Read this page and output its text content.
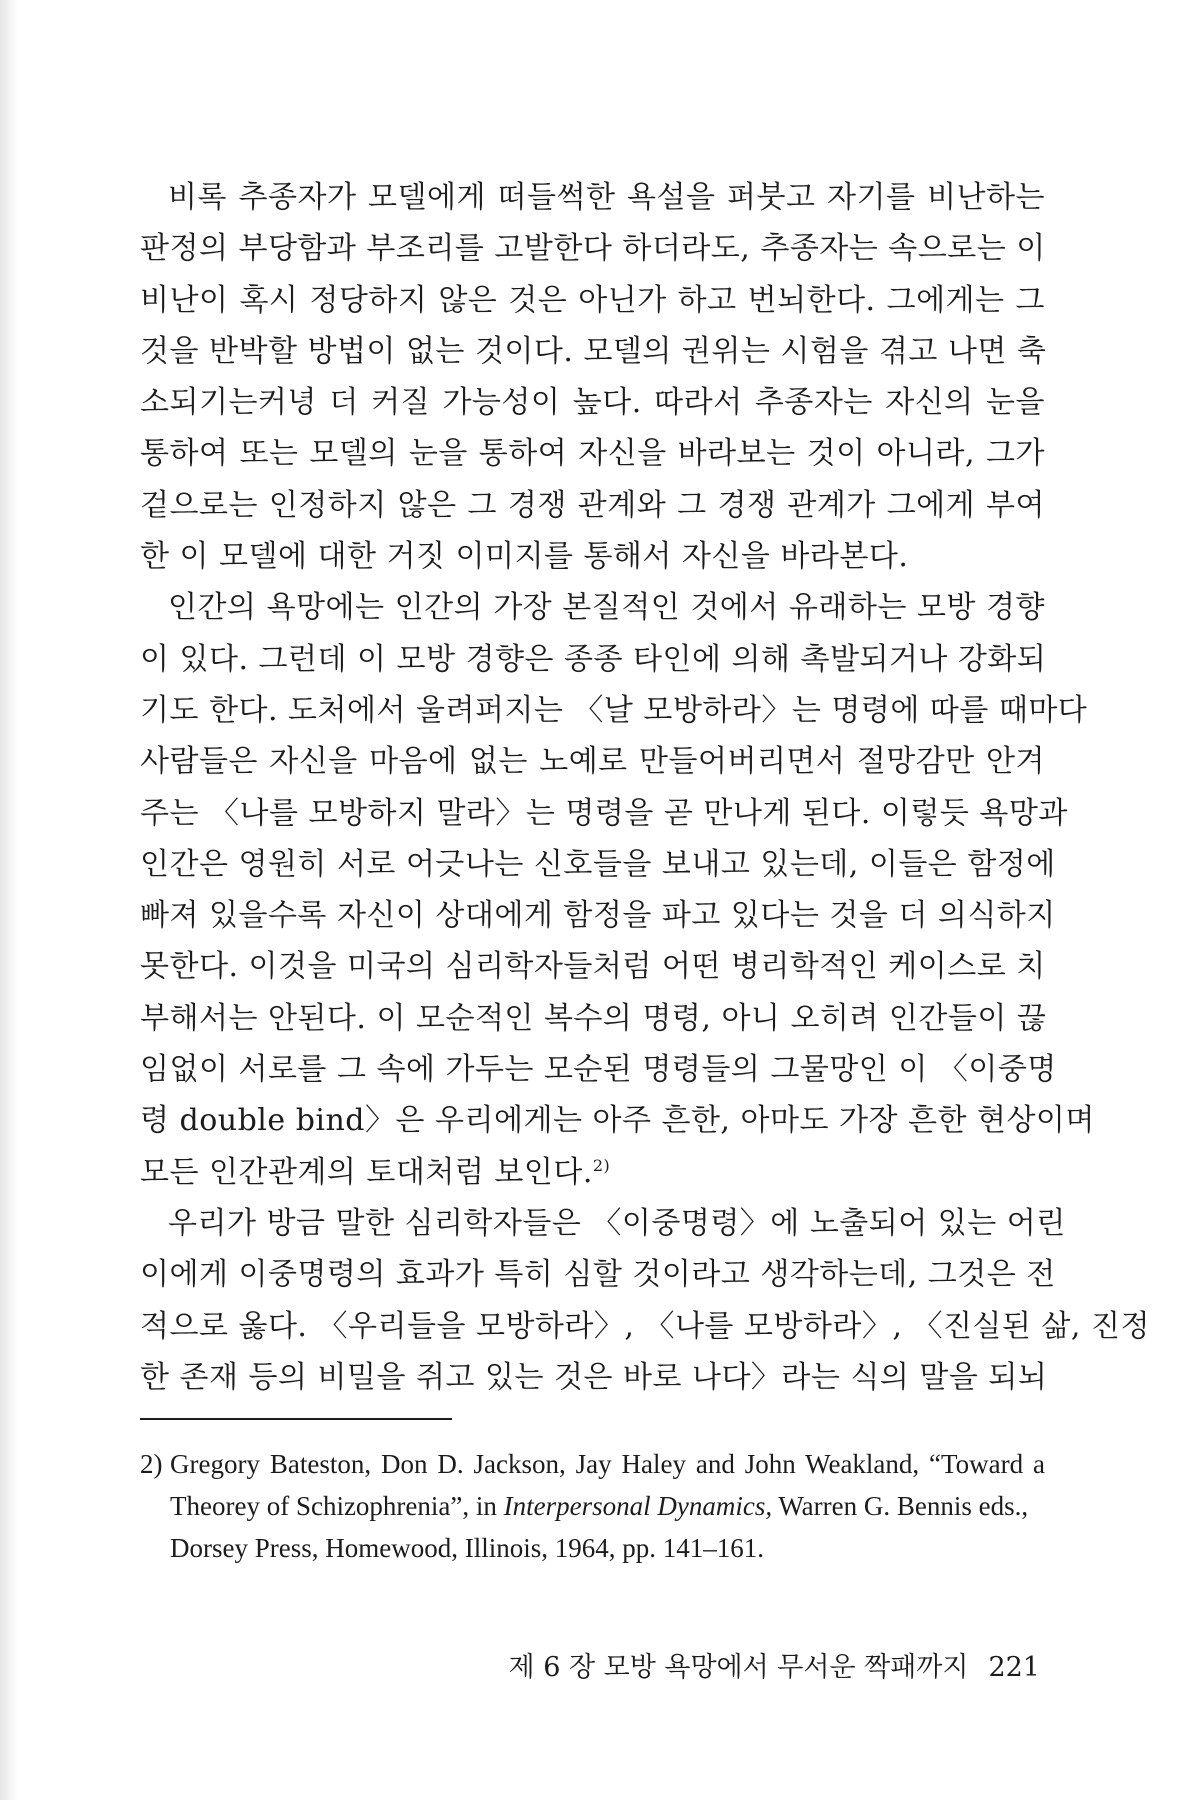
비록 추종자가 모델에게 떠들썩한 욕설을 퍼붓고 자기를 비난하는
판정의 부당함과 부조리를 고발한다 하더라도, 추종자는 속으로는 이
비난이 혹시 정당하지 않은 것은 아닌가 하고 번뇌한다. 그에게는 그
것을 반박할 방법이 없는 것이다. 모델의 권위는 시험을 겪고 나면 축
소되기는커녕 더 커질 가능성이 높다. 따라서 추종자는 자신의 눈을
통하여 또는 모델의 눈을 통하여 자신을 바라보는 것이 아니라, 그가
겉으로는 인정하지 않은 그 경쟁 관계와 그 경쟁 관계가 그에게 부여
한 이 모델에 대한 거짓 이미지를 통해서 자신을 바라본다.
인간의 욕망에는 인간의 가장 본질적인 것에서 유래하는 모방 경향
이 있다. 그런데 이 모방 경향은 종종 타인에 의해 촉발되거나 강화되
기도 한다. 도처에서 울려퍼지는 〈날 모방하라〉는 명령에 따를 때마다
사람들은 자신을 마음에 없는 노예로 만들어버리면서 절망감만 안겨
주는 〈나를 모방하지 말라〉는 명령을 곧 만나게 된다. 이렇듯 욕망과
인간은 영원히 서로 어긋나는 신호들을 보내고 있는데, 이들은 함정에
빠져 있을수록 자신이 상대에게 함정을 파고 있다는 것을 더 의식하지
못한다. 이것을 미국의 심리학자들처럼 어떤 병리학적인 케이스로 치
부해서는 안된다. 이 모순적인 복수의 명령, 아니 오히려 인간들이 끊
임없이 서로를 그 속에 가두는 모순된 명령들의 그물망인 이 〈이중명
령 double bind〉은 우리에게는 아주 흔한, 아마도 가장 흔한 현상이며
모든 인간관계의 토대처럼 보인다.$^{2)}$
우리가 방금 말한 심리학자들은 〈이중명령〉에 노출되어 있는 어린
이에게 이중명령의 효과가 특히 심할 것이라고 생각하는데, 그것은 전
적으로 옳다. 〈우리들을 모방하라〉, 〈나를 모방하라〉, 〈진실된 삶, 진정
한 존재 등의 비밀을 쥐고 있는 것은 바로 나다〉라는 식의 말을 되뇌
2) Gregory Bateston, Don D. Jackson, Jay Haley and John Weakland, “Toward a
Theorey of Schizophrenia”, in Interpersonal Dynamics, Warren G. Bennis eds.,
Dorsey Press, Homewood, Illinois, 1964, pp. 141–161.
제 6 장 모방 욕망에서 무서운 짝패까지 221
